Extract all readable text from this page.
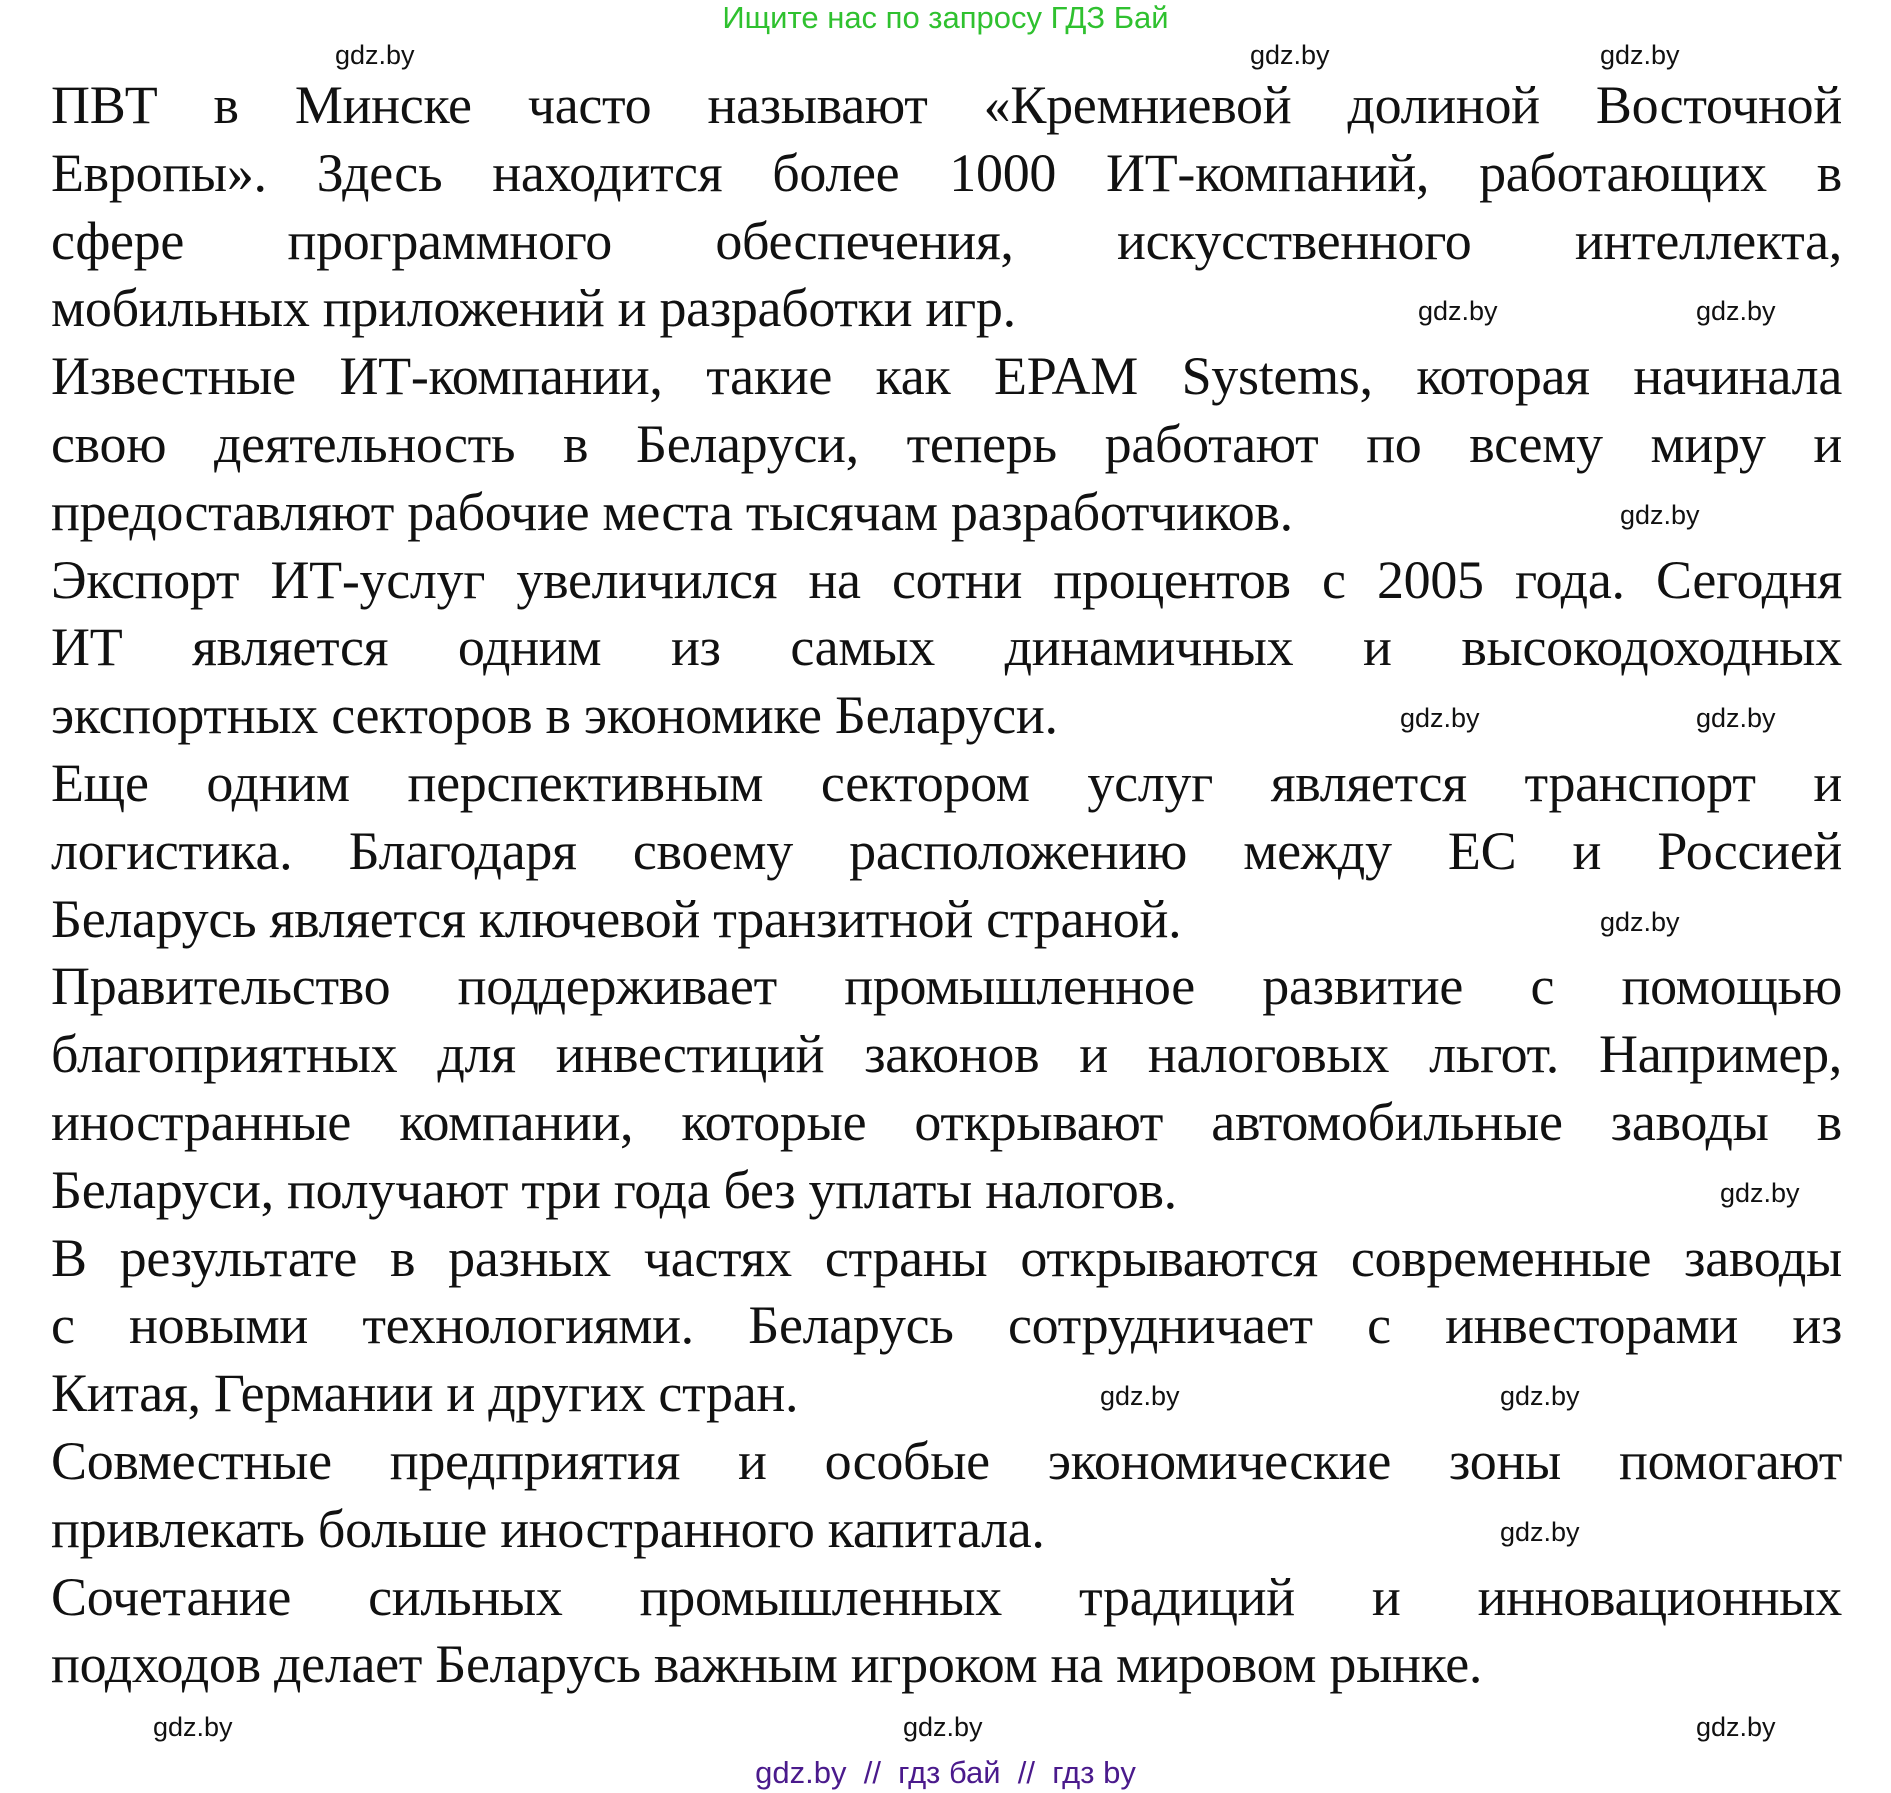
Ищите нас по запросу ГДЗ Бай
ПВТ в Минске часто называют «Кремниевой долиной Восточной
Европы». Здесь находится более 1000 ИТ-компаний, работающих в
сфере программного обеспечения, искусственного интеллекта,
мобильных приложений и разработки игр.
Известные ИТ-компании, такие как EPAM Systems, которая начинала
свою деятельность в Беларуси, теперь работают по всему миру и
предоставляют рабочие места тысячам разработчиков.
Экспорт ИТ-услуг увеличился на сотни процентов с 2005 года. Сегодня
ИТ является одним из самых динамичных и высокодоходных
экспортных секторов в экономике Беларуси.
Еще одним перспективным сектором услуг является транспорт и
логистика. Благодаря своему расположению между ЕС и Россией
Беларусь является ключевой транзитной страной.
Правительство поддерживает промышленное развитие с помощью
благоприятных для инвестиций законов и налоговых льгот. Например,
иностранные компании, которые открывают автомобильные заводы в
Беларуси, получают три года без уплаты налогов.
В результате в разных частях страны открываются современные заводы
с новыми технологиями. Беларусь сотрудничает с инвесторами из
Китая, Германии и других стран.
Совместные предприятия и особые экономические зоны помогают
привлекать больше иностранного капитала.
Сочетание сильных промышленных традиций и инновационных
подходов делает Беларусь важным игроком на мировом рынке.
gdz.by	gdz.by	gdz.by
gdz.by	gdz.by
gdz.by
gdz.by	gdz.by
gdz.by
gdz.by
gdz.by	gdz.by
gdz.by
gdz.by	gdz.by	gdz.by
gdz.by  //  гдз бай  //  гдз by
